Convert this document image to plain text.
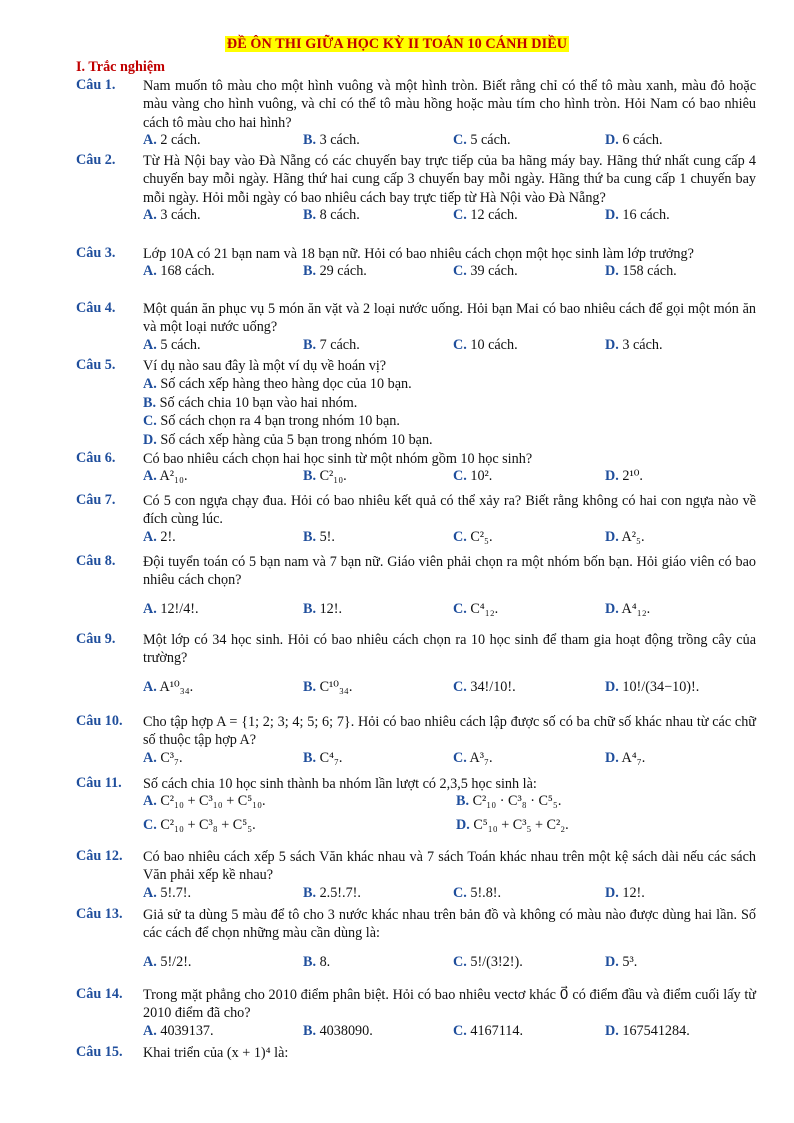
ĐỀ ÔN THI GIỮA HỌC KỲ II TOÁN 10 CÁNH DIỀU
I. Trắc nghiệm
Câu 1. Nam muốn tô màu cho một hình vuông và một hình tròn. Biết rằng chỉ có thể tô màu xanh, màu đỏ hoặc màu vàng cho hình vuông, và chỉ có thể tô màu hồng hoặc màu tím cho hình tròn. Hỏi Nam có bao nhiêu cách tô màu cho hai hình?
A. 2 cách.	B. 3 cách.	C. 5 cách.	D. 6 cách.
Câu 2. Từ Hà Nội bay vào Đà Nẵng có các chuyến bay trực tiếp của ba hãng máy bay. Hãng thứ nhất cung cấp 4 chuyến bay mỗi ngày. Hãng thứ hai cung cấp 3 chuyến bay mỗi ngày. Hãng thứ ba cung cấp 1 chuyến bay mỗi ngày. Hỏi mỗi ngày có bao nhiêu cách bay trực tiếp từ Hà Nội vào Đà Nẵng?
A. 3 cách.	B. 8 cách.	C. 12 cách.	D. 16 cách.
Câu 3. Lớp 10A có 21 bạn nam và 18 bạn nữ. Hỏi có bao nhiêu cách chọn một học sinh làm lớp trưởng?
A. 168 cách.	B. 29 cách.	C. 39 cách.	D. 158 cách.
Câu 4. Một quán ăn phục vụ 5 món ăn vặt và 2 loại nước uống. Hỏi bạn Mai có bao nhiêu cách để gọi một món ăn và một loại nước uống?
A. 5 cách.	B. 7 cách.	C. 10 cách.	D. 3 cách.
Câu 5. Ví dụ nào sau đây là một ví dụ về hoán vị?
A. Số cách xếp hàng theo hàng dọc của 10 bạn.
B. Số cách chia 10 bạn vào hai nhóm.
C. Số cách chọn ra 4 bạn trong nhóm 10 bạn.
D. Số cách xếp hàng của 5 bạn trong nhóm 10 bạn.
Câu 6. Có bao nhiêu cách chọn hai học sinh từ một nhóm gồm 10 học sinh?
A. A²₁₀.	B. C²₁₀.	C. 10².	D. 2¹⁰.
Câu 7. Có 5 con ngựa chạy đua. Hỏi có bao nhiêu kết quả có thể xảy ra? Biết rằng không có hai con ngựa nào về đích cùng lúc.
A. 2!.	B. 5!.	C. C²₅.	D. A²₅.
Câu 8. Đội tuyển toán có 5 bạn nam và 7 bạn nữ. Giáo viên phải chọn ra một nhóm bốn bạn. Hỏi giáo viên có bao nhiêu cách chọn?
A. 12!/4!.	B. 12!.	C. C⁴₁₂.	D. A⁴₁₂.
Câu 9. Một lớp có 34 học sinh. Hỏi có bao nhiêu cách chọn ra 10 học sinh để tham gia hoạt động trồng cây của trường?
A. A¹⁰₃₄.	B. C¹⁰₃₄.	C. 34!/10!.	D. 10!/(34−10)!.
Câu 10. Cho tập hợp A = {1; 2; 3; 4; 5; 6; 7}. Hỏi có bao nhiêu cách lập được số có ba chữ số khác nhau từ các chữ số thuộc tập hợp A?
A. C³₇.	B. C⁴₇.	C. A³₇.	D. A⁴₇.
Câu 11. Số cách chia 10 học sinh thành ba nhóm lần lượt có 2,3,5 học sinh là:
A. C²₁₀ + C³₁₀ + C⁵₁₀.	B. C²₁₀ · C³₈ · C⁵₅.
C. C²₁₀ + C³₈ + C⁵₅.	D. C⁵₁₀ + C³₅ + C²₂.
Câu 12. Có bao nhiêu cách xếp 5 sách Văn khác nhau và 7 sách Toán khác nhau trên một kệ sách dài nếu các sách Văn phải xếp kề nhau?
A. 5!.7!.	B. 2.5!.7!.	C. 5!.8!.	D. 12!.
Câu 13. Giả sử ta dùng 5 màu để tô cho 3 nước khác nhau trên bản đồ và không có màu nào được dùng hai lần. Số các cách để chọn những màu cần dùng là:
A. 5!/2!.	B. 8.	C. 5!/(3!2!).	D. 5³.
Câu 14. Trong mặt phẳng cho 2010 điểm phân biệt. Hỏi có bao nhiêu vectơ khác 0⃗ có điểm đầu và điểm cuối lấy từ 2010 điểm đã cho?
A. 4039137.	B. 4038090.	C. 4167114.	D. 167541284.
Câu 15. Khai triển của (x + 1)⁴ là:
